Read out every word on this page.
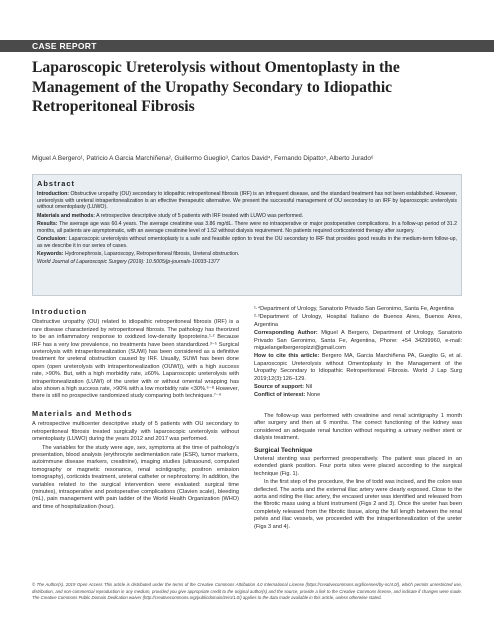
CASE REPORT
Laparoscopic Ureterolysis without Omentoplasty in the Management of the Uropathy Secondary to Idiopathic Retroperitoneal Fibrosis
Miguel A Bergero¹, Patricio A Garcia Marchiñena², Guillermo Gueglio³, Carlos David⁴, Fernando Dipatto⁵, Alberto Jurado⁶
Abstract

Introduction: Obstructive uropathy (OU) secondary to idiopathic retroperitoneal fibrosis (IRF) is an infrequent disease, and the standard treatment has not been established. However, ureterolysis with ureteral intraperitonealization is an effective therapeutic alternative. We present the successful management of OU secondary to an IRF by laparoscopic ureterolysis without omentoplasty (LUWO).

Materials and methods: A retrospective descriptive study of 5 patients with IRF treated with LUWO was performed.

Results: The average age was 60.4 years. The average creatinine was 3.86 mg/dL. There were no intraoperative or major postoperative complications. In a follow-up period of 31.2 months, all patients are asymptomatic, with an average creatinine level of 1.52 without dialysis requirement. No patients required corticosteroid therapy after surgery.

Conclusion: Laparoscopic ureterolysis without omentoplasty is a safe and feasible option to treat the OU secondary to IRF that provides good results in the medium-term follow-up, as we describe it in our series of cases.

Keywords: Hydronephrosis, Laparoscopy, Retroperitoneal fibrosis, Ureteral obstruction.

World Journal of Laparoscopic Surgery (2019): 10.5005/jp-journals-10033-1377

Introduction

Obstructive uropathy (OU) related to idiopathic retroperitoneal fibrosis (IRF) is a rare disease characterized by retroperitoneal fibrosis. The pathology has theorized to be an inflammatory response to oxidized low-density lipoproteins.¹·² Because IRF has a very low prevalence, no treatments have been standardized.³⁻⁵ Surgical ureterolysis with intraperitonealization (SUWI) has been considered as a definitive treatment for ureteral obstruction caused by IRF. Usually, SUWI has been done open (open ureterolysis with intraperitonealization (OUWI)), with a high success rate, >90%. But, with a high morbidity rate, ≥60%. Laparoscopic ureterolysis with intraperitonealization (LUWI) of the ureter with or without omental wrapping has also shown a high success rate, >90% with a low morbidity rate <30%.⁶⁻⁸ However, there is still no prospective randomized study comparing both techniques.⁷⁻⁹

Materials and Methods

A retrospective multicenter descriptive study of 5 patients with OU secondary to retroperitoneal fibrosis treated surgically with laparoscopic ureterolysis without omentoplasty (LUWO) during the years 2012 and 2017 was performed.

The variables for the study were age, sex, symptoms at the time of pathology's presentation, blood analysis (erythrocyte sedimentation rate (ESR), tumor markers, autoimmune disease markers, creatinine), imaging studies (ultrasound, computed tomography or magnetic resonance, renal scintigraphy, positron emission tomography), corticoids treatment, ureteral catheter or nephrostomy. In addition, the variables related to the surgical intervention were evaluated: surgical time (minutes), intraoperative and postoperative complications (Clavien scale), bleeding (mL), pain management with pain ladder of the World Health Organization (WHO) and time of hospitalization (hour).

¹·⁴Department of Urology, Sanatorio Privado San Geronimo, Santa Fe, Argentina

²·³Department of Urology, Hospital Italiano de Buenos Aires, Buenos Aires, Argentina

Corresponding Author: Miguel A Bergero, Department of Urology, Sanatorio Privado San Geronimo, Santa Fe, Argentina, Phone: +54 34299960, e-mail: miguelangelbergeropizzi@gmail.com

How to cite this article: Bergero MA, Garcia Marchiñena PA, Gueglio G, et al. Laparoscopic Ureterolysis without Omentoplasty in the Management of the Uropathy Secondary to Idiopathic Retroperitoneal Fibrosis. World J Lap Surg 2019;12(3):126–129.

Source of support: Nil

Conflict of interest: None

The follow-up was performed with creatinine and renal scintigraphy 1 month after surgery and then at 6 months. The correct functioning of the kidney was considered an adequate renal function without requiring a urinary neither stent or dialysis treatment.

Surgical Technique

Ureteral stenting was performed preoperatively. The patient was placed in an extended giank position. Four ports sites were placed according to the surgical technique (Fig. 1).

In the first step of the procedure, the line of todd was incised, and the colon was deflected. The aorta and the external iliac artery were clearly exposed. Close to the aorta and riding the iliac artery, the encased ureter was identified and released from the fibrotic mass using a blunt instrument (Figs 2 and 3). Once the ureter has been completely released from the fibrotic tissue, along the full length between the renal pelvis and iliac vessels, we proceeded with the intraperitonealization of the ureter (Figs 3 and 4).

© The Author(s). 2019 Open Access This article is distributed under the terms of the Creative Commons Attribution 4.0 International License (https://creativecommons.org/licenses/by-nc/4.0/), which permits unrestricted use, distribution, and non-commercial reproduction in any medium, provided you give appropriate credit to the original author(s) and the source, provide a link to the Creative Commons license, and indicate if changes were made. The Creative Commons Public Domain Dedication waiver (http://creativecommons.org/publicdomain/zero/1.0/) applies to the data made available in this article, unless otherwise stated.
